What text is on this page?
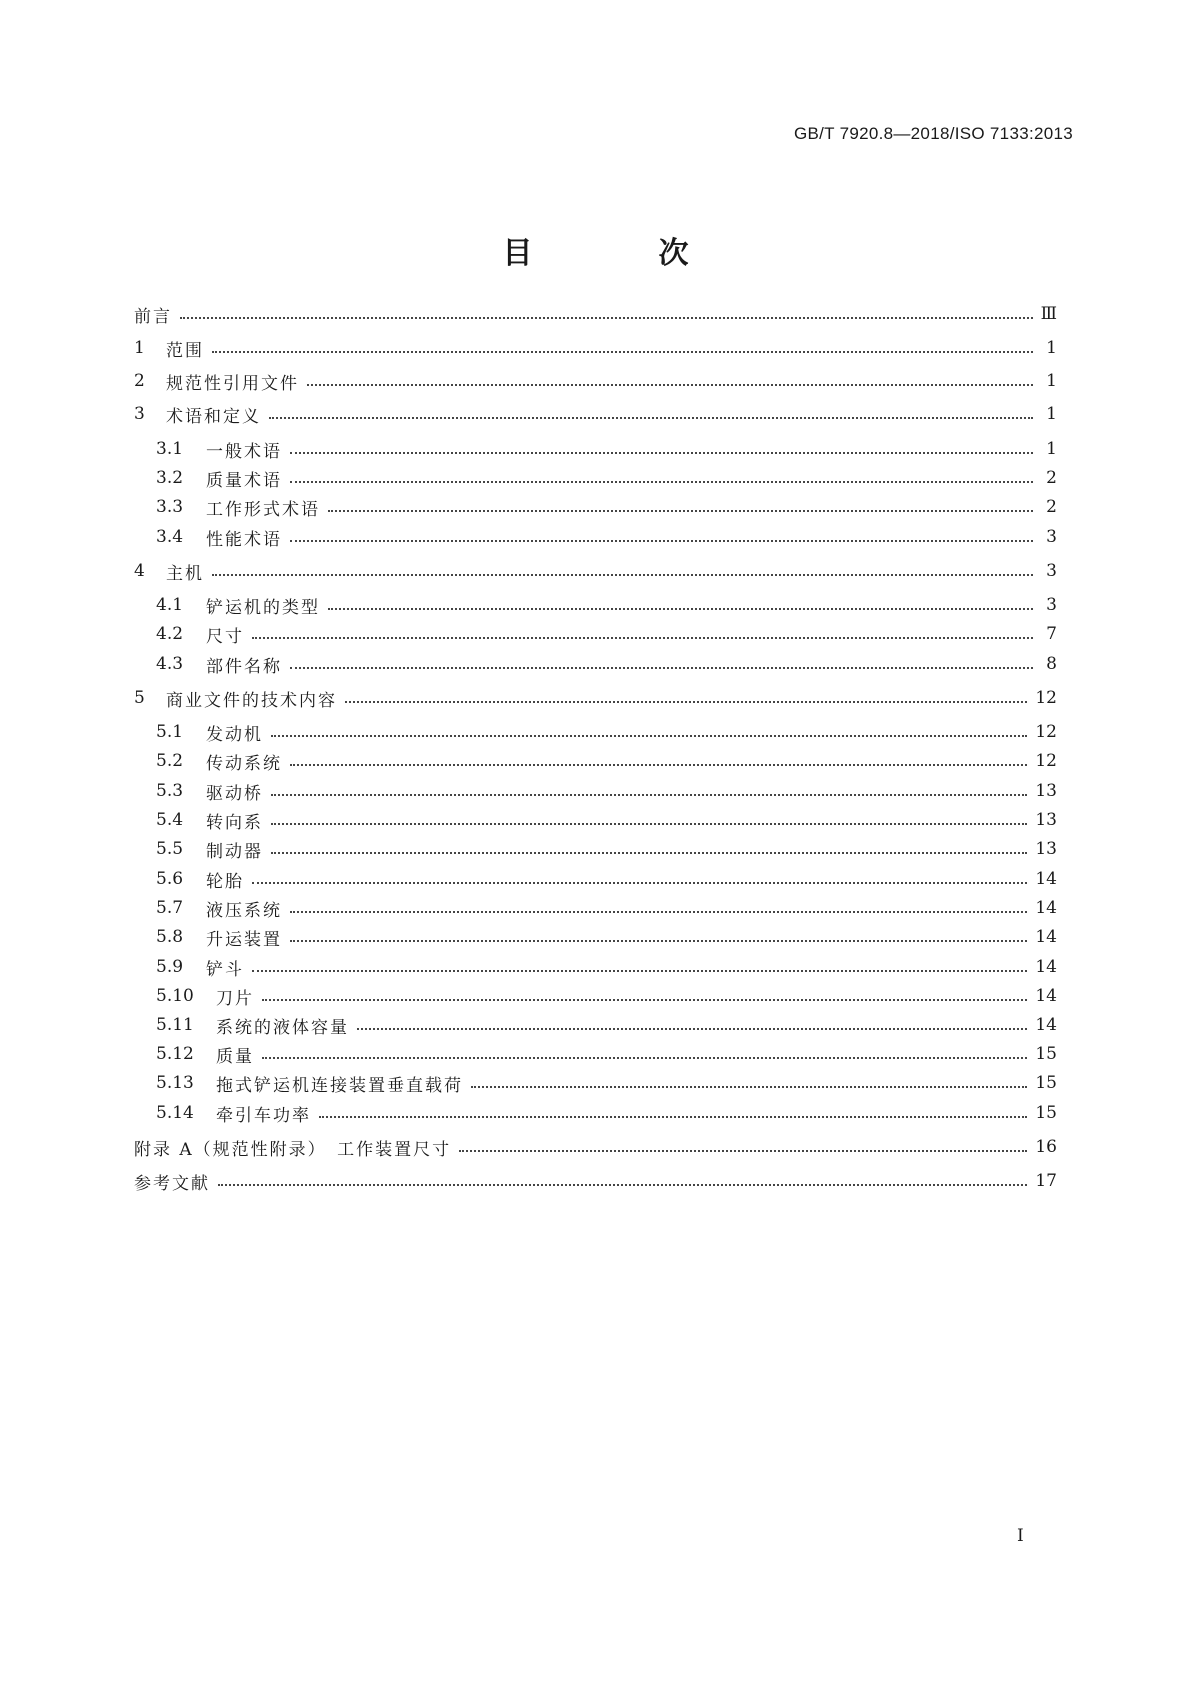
GB/T 7920.8—2018/ISO 7133:2013
目　次
前言	Ⅲ
1	范围	1
2	规范性引用文件	1
3	术语和定义	1
3.1	一般术语	1
3.2	质量术语	2
3.3	工作形式术语	2
3.4	性能术语	3
4	主机	3
4.1	铲运机的类型	3
4.2	尺寸	7
4.3	部件名称	8
5	商业文件的技术内容	12
5.1	发动机	12
5.2	传动系统	12
5.3	驱动桥	13
5.4	转向系	13
5.5	制动器	13
5.6	轮胎	14
5.7	液压系统	14
5.8	升运装置	14
5.9	铲斗	14
5.10	刀片	14
5.11	系统的液体容量	14
5.12	质量	15
5.13	拖式铲运机连接装置垂直载荷	15
5.14	牵引车功率	15
附录 A（规范性附录）　工作装置尺寸	16
参考文献	17
I
